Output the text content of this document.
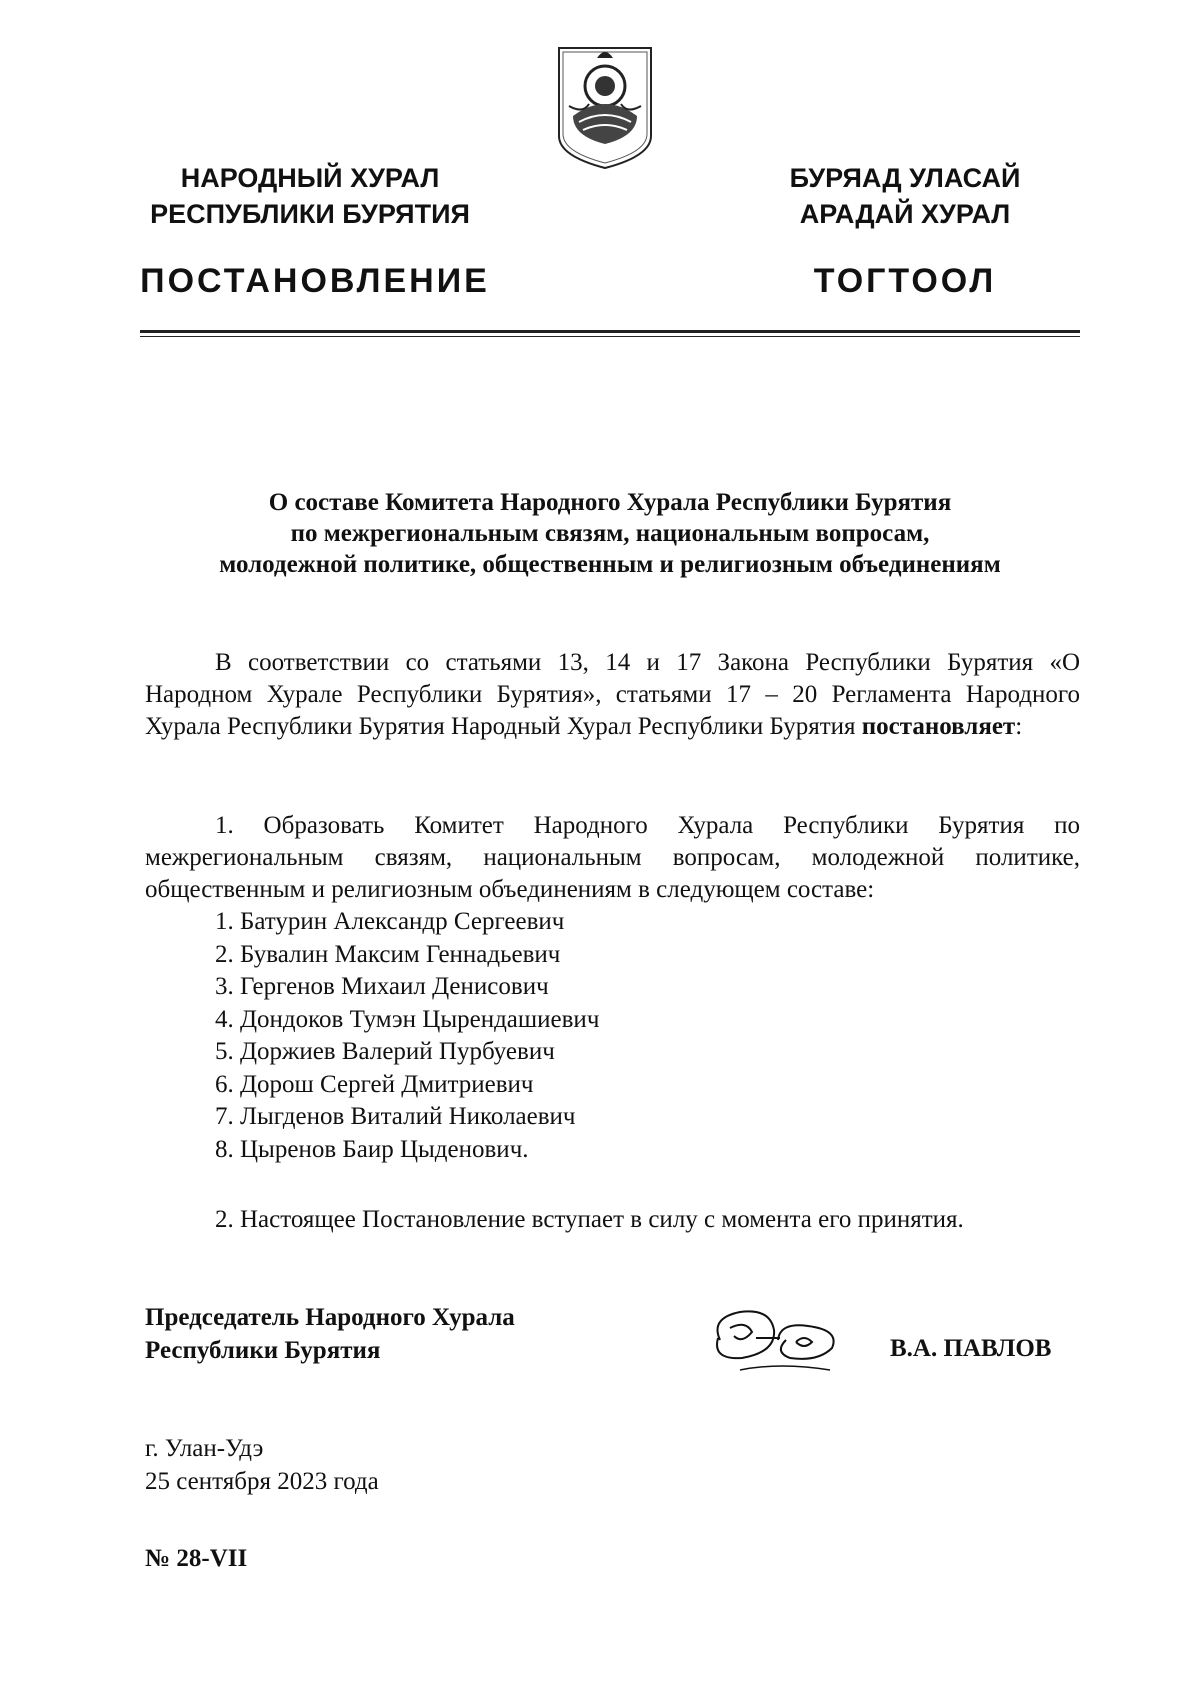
НАРОДНЫЙ ХУРАЛ
РЕСПУБЛИКИ БУРЯТИЯ
БУРЯАД УЛАСАЙ
АРАДАЙ ХУРАЛ
ПОСТАНОВЛЕНИЕ	ТОГТООЛ
О составе Комитета Народного Хурала Республики Бурятия
по межрегиональным связям, национальным вопросам,
молодежной политике, общественным и религиозным объединениям
В соответствии со статьями 13, 14 и 17 Закона Республики Бурятия «О Народном Хурале Республики Бурятия», статьями 17 – 20 Регламента Народного Хурала Республики Бурятия Народный Хурал Республики Бурятия постановляет:
1. Образовать Комитет Народного Хурала Республики Бурятия по межрегиональным связям, национальным вопросам, молодежной политике, общественным и религиозным объединениям в следующем составе:
1. Батурин Александр Сергеевич
2. Бувалин Максим Геннадьевич
3. Гергенов Михаил Денисович
4. Дондоков Тумэн Цырендашиевич
5. Доржиев Валерий Пурбуевич
6. Дорош Сергей Дмитриевич
7. Лыгденов Виталий Николаевич
8. Цыренов Баир Цыденович.
2. Настоящее Постановление вступает в силу с момента его принятия.
Председатель Народного Хурала
Республики Бурятия	В.А. ПАВЛОВ
г. Улан-Удэ
25 сентября 2023 года
№ 28-VII
